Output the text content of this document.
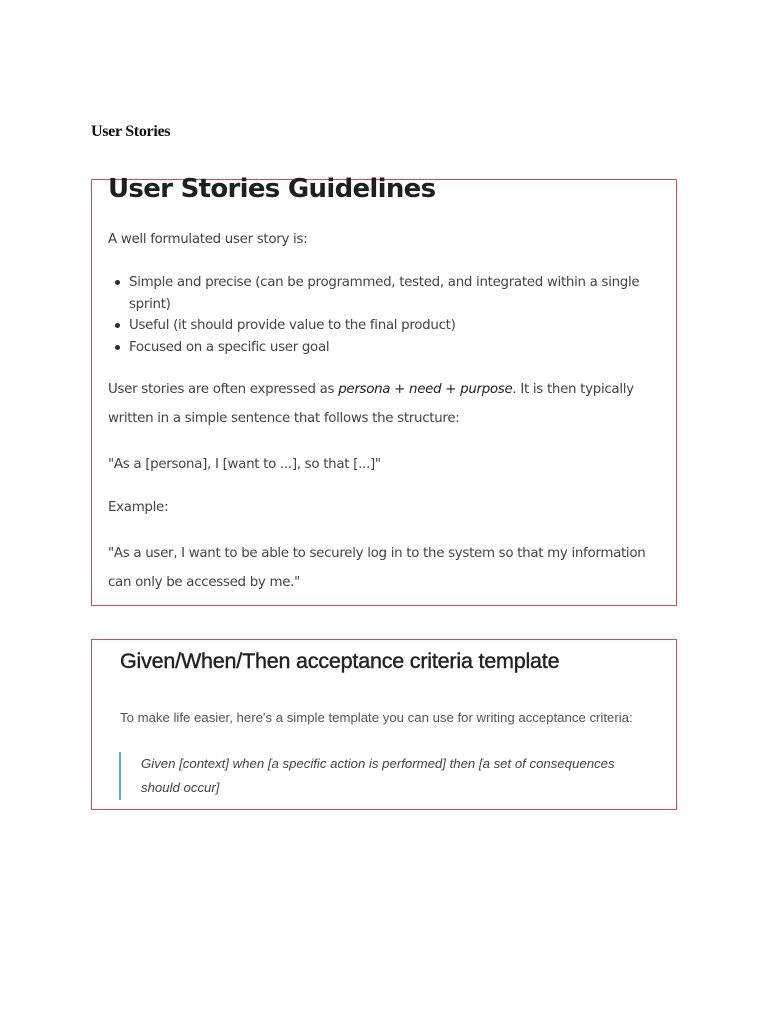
User Stories
User Stories Guidelines

A well formulated user story is:

Simple and precise (can be programmed, tested, and integrated within a single
sprint)
Useful (it should provide value to the final product)
Focused on a specific user goal

User stories are often expressed as persona + need + purpose. It is then typically

written in a simple sentence that follows the structure:

"As a [persona], I [want to ...], so that [...]"

Example:

"As a user, I want to be able to securely log in to the system so that my information

can only be accessed by me."

Given/When/Then acceptance criteria template

To make life easier, here's a simple template you can use for writing acceptance criteria:

Given [context] when [a specific action is performed] then [a set of consequences
should occur]
